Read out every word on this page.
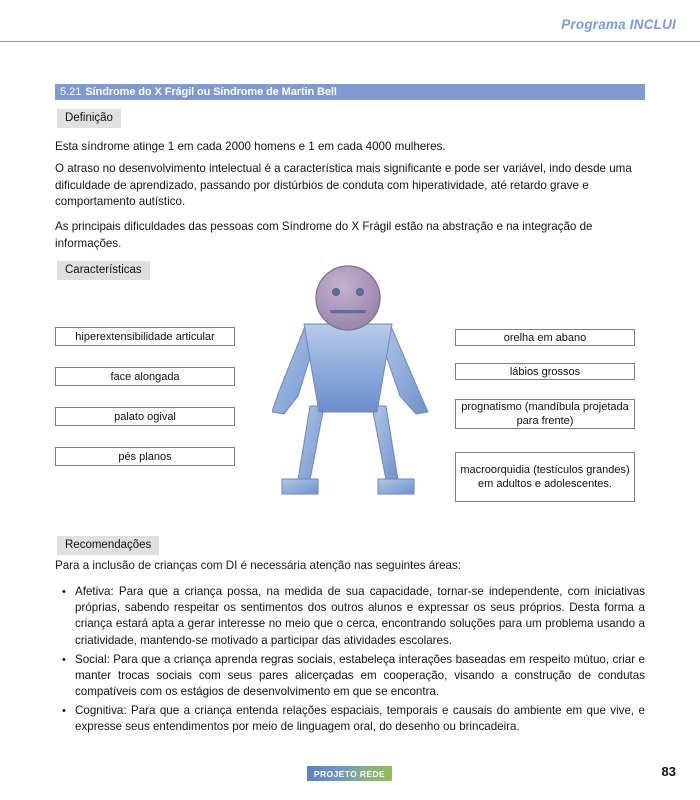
Programa INCLUI
5.21 Síndrome do X Frágil ou Síndrome de Martin Bell
Definição
Esta síndrome atinge 1 em cada 2000 homens e 1 em cada 4000 mulheres.
O atraso no desenvolvimento intelectual é a característica mais significante e pode ser variável, indo desde uma dificuldade de aprendizado, passando por distúrbios de conduta com hiperatividade, até retardo grave e comportamento autístico.
As principais dificuldades das pessoas com Síndrome do X Frágil estão na abstração e na integração de informações.
Características
hiperextensibilidade articular
face alongada
palato ogival
pés planos
orelha em abano
lábios grossos
prognatismo (mandíbula projetada para frente)
macroorquidia (testículos grandes) em adultos e adolescentes.
Recomendações
Para a inclusão de crianças com DI é necessária atenção nas seguintes áreas:
• Afetiva: Para que a criança possa, na medida de sua capacidade, tornar-se independente, com iniciativas próprias, sabendo respeitar os sentimentos dos outros alunos e expressar os seus próprios. Desta forma a criança estará apta a gerar interesse no meio que o cerca, encontrando soluções para um problema usando a criatividade, mantendo-se motivado a participar das atividades escolares.
• Social: Para que a criança aprenda regras sociais, estabeleça interações baseadas em respeito mútuo, criar e manter trocas sociais com seus pares alicerçadas em cooperação, visando a construção de condutas compatíveis com os estágios de desenvolvimento em que se encontra.
• Cognitiva: Para que a criança entenda relações espaciais, temporais e causais do ambiente em que vive, e expresse seus entendimentos por meio de linguagem oral, do desenho ou brincadeira.
PROJETO REDE	83
